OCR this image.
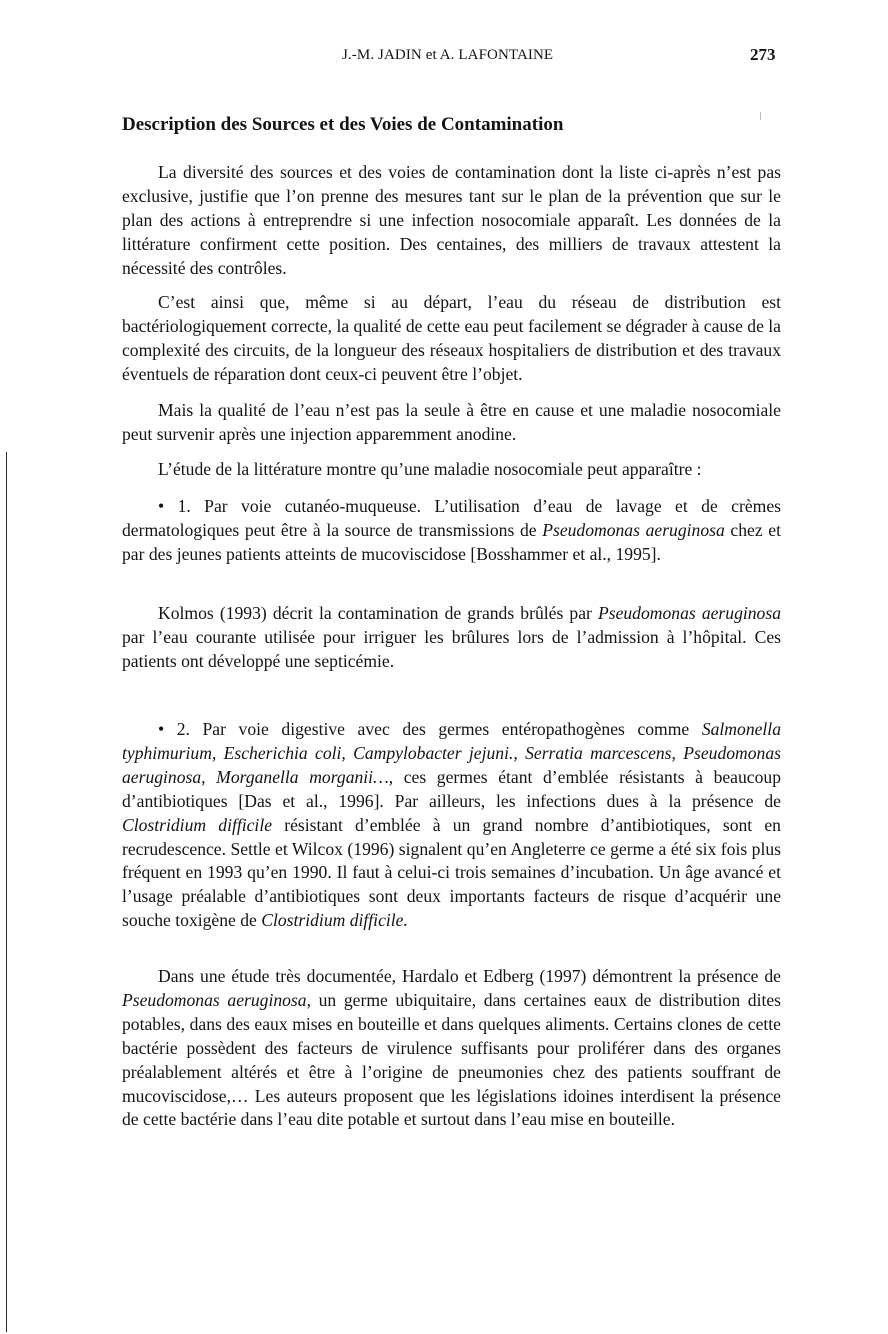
J.-M. JADIN et A. LAFONTAINE	273
Description des Sources et des Voies de Contamination

La diversité des sources et des voies de contamination dont la liste ci-après n’est pas exclusive, justifie que l’on prenne des mesures tant sur le plan de la prévention que sur le plan des actions à entreprendre si une infection nosocomiale apparaît. Les données de la littérature confirment cette position. Des centaines, des milliers de travaux attestent la nécessité des contrôles.

C’est ainsi que, même si au départ, l’eau du réseau de distribution est bactériologiquement correcte, la qualité de cette eau peut facilement se dégrader à cause de la complexité des circuits, de la longueur des réseaux hospitaliers de distribution et des travaux éventuels de réparation dont ceux-ci peuvent être l’objet.

Mais la qualité de l’eau n’est pas la seule à être en cause et une maladie nosocomiale peut survenir après une injection apparemment anodine.

L’étude de la littérature montre qu’une maladie nosocomiale peut apparaître :

• 1. Par voie cutanéo-muqueuse. L’utilisation d’eau de lavage et de crèmes dermatologiques peut être à la source de transmissions de Pseudomonas aeruginosa chez et par des jeunes patients atteints de mucoviscidose [Bosshammer et al., 1995].

Kolmos (1993) décrit la contamination de grands brûlés par Pseudomonas aeruginosa par l’eau courante utilisée pour irriguer les brûlures lors de l’admission à l’hôpital. Ces patients ont développé une septicémie.

• 2. Par voie digestive avec des germes entéropathogènes comme Salmonella typhimurium, Escherichia coli, Campylobacter jejuni., Serratia marcescens, Pseudomonas aeruginosa, Morganella morganii…, ces germes étant d’emblée résistants à beaucoup d’antibiotiques [Das et al., 1996]. Par ailleurs, les infections dues à la présence de Clostridium difficile résistant d’emblée à un grand nombre d’antibiotiques, sont en recrudescence. Settle et Wilcox (1996) signalent qu’en Angleterre ce germe a été six fois plus fréquent en 1993 qu’en 1990. Il faut à celui-ci trois semaines d’incubation. Un âge avancé et l’usage préalable d’antibiotiques sont deux importants facteurs de risque d’acquérir une souche toxigène de Clostridium difficile.

Dans une étude très documentée, Hardalo et Edberg (1997) démontrent la présence de Pseudomonas aeruginosa, un germe ubiquitaire, dans certaines eaux de distribution dites potables, dans des eaux mises en bouteille et dans quelques aliments. Certains clones de cette bactérie possèdent des facteurs de virulence suffisants pour proliférer dans des organes préalablement altérés et être à l’origine de pneumonies chez des patients souffrant de mucoviscidose,… Les auteurs proposent que les législations idoines interdisent la présence de cette bactérie dans l’eau dite potable et surtout dans l’eau mise en bouteille.
